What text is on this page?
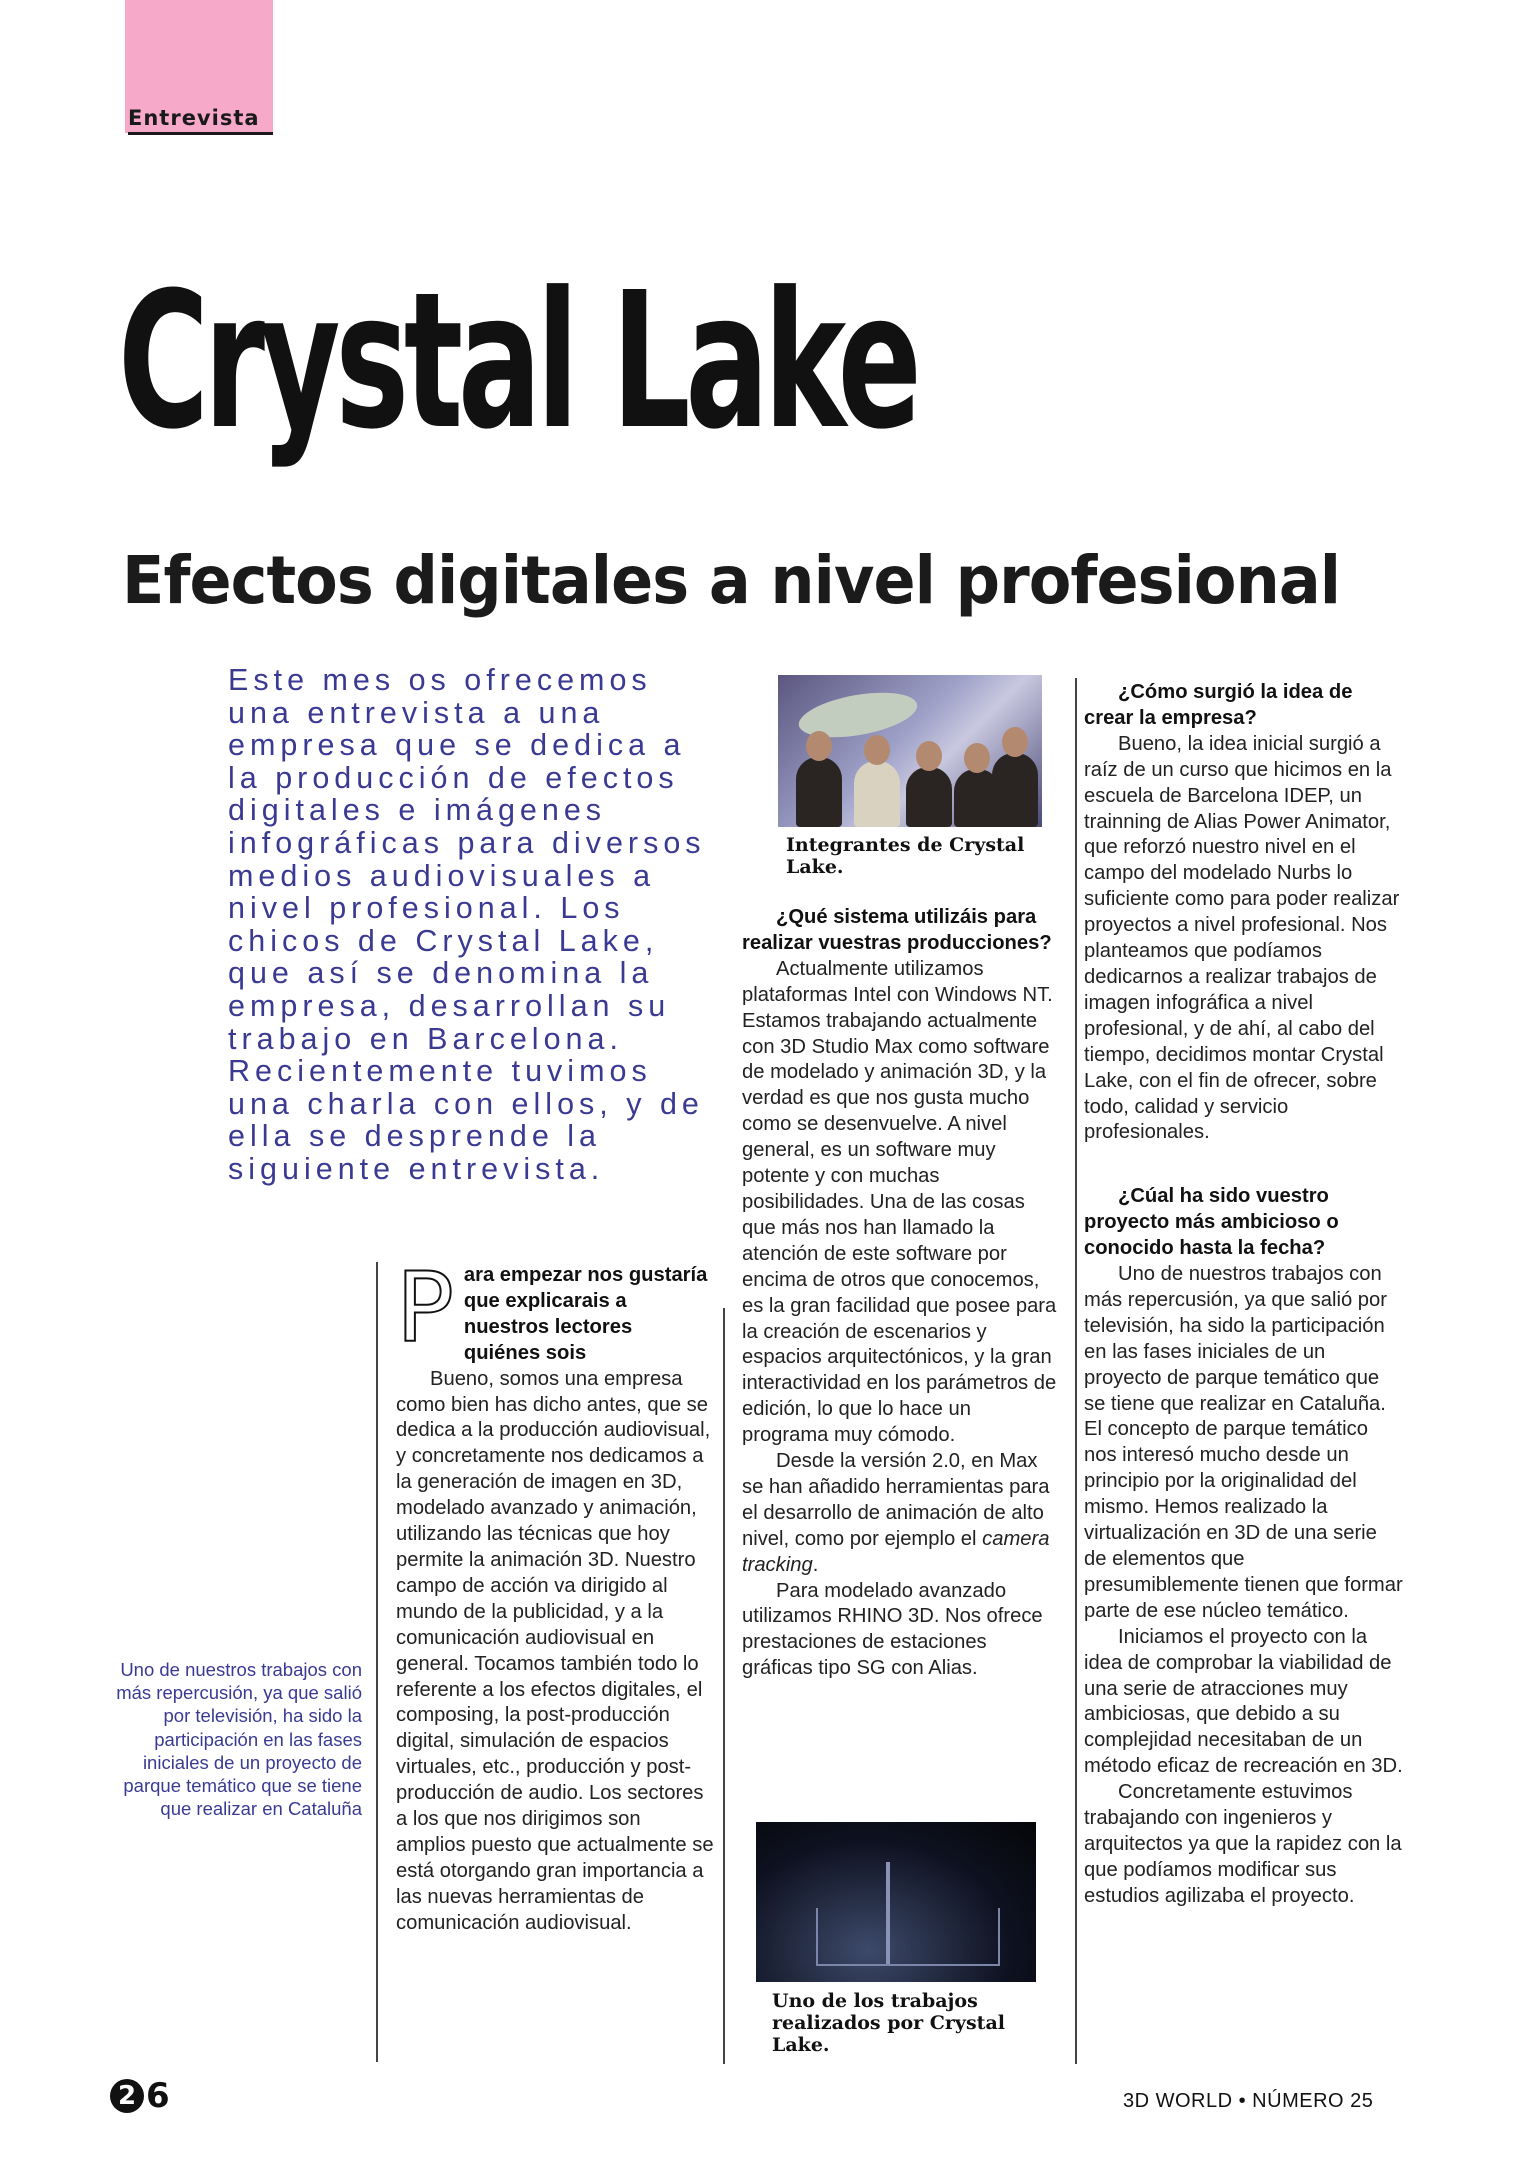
Entrevista
Crystal Lake
Efectos digitales a nivel profesional

Este mes os ofrecemos una entrevista a una empresa que se dedica a la producción de efectos digitales e imágenes infográficas para diversos medios audiovisuales a nivel profesional. Los chicos de Crystal Lake, que así se denomina la empresa, desarrollan su trabajo en Barcelona. Recientemente tuvimos una charla con ellos, y de ella se desprende la siguiente entrevista.

P ara empezar nos gustaría que explicarais a nuestros lectores quiénes sois

Bueno, somos una empresa como bien has dicho antes, que se dedica a la producción audiovisual, y concretamente nos dedicamos a la generación de imagen en 3D, modelado avanzado y animación, utilizando las técnicas que hoy permite la animación 3D. Nuestro campo de acción va dirigido al mundo de la publicidad, y a la comunicación audiovisual en general. Tocamos también todo lo referente a los efectos digitales, el composing, la post-producción digital, simulación de espacios virtuales, etc., producción y post-producción de audio. Los sectores a los que nos dirigimos son amplios puesto que actualmente se está otorgando gran importancia a las nuevas herramientas de comunicación audiovisual.

Integrantes de Crystal Lake.
¿Qué sistema utilizáis para realizar vuestras producciones?

Actualmente utilizamos plataformas Intel con Windows NT. Estamos trabajando actualmente con 3D Studio Max como software de modelado y animación 3D, y la verdad es que nos gusta mucho como se desenvuelve. A nivel general, es un software muy potente y con muchas posibilidades. Una de las cosas que más nos han llamado la atención de este software por encima de otros que conocemos, es la gran facilidad que posee para la creación de escenarios y espacios arquitectónicos, y la gran interactividad en los parámetros de edición, lo que lo hace un programa muy cómodo.

Desde la versión 2.0, en Max se han añadido herramientas para el desarrollo de animación de alto nivel, como por ejemplo el camera tracking.

Para modelado avanzado utilizamos RHINO 3D. Nos ofrece prestaciones de estaciones gráficas tipo SG con Alias.

Uno de los trabajos realizados por Crystal Lake.
¿Cómo surgió la idea de crear la empresa?

Bueno, la idea inicial surgió a raíz de un curso que hicimos en la escuela de Barcelona IDEP, un trainning de Alias Power Animator, que reforzó nuestro nivel en el campo del modelado Nurbs lo suficiente como para poder realizar proyectos a nivel profesional. Nos planteamos que podíamos dedicarnos a realizar trabajos de imagen infográfica a nivel profesional, y de ahí, al cabo del tiempo, decidimos montar Crystal Lake, con el fin de ofrecer, sobre todo, calidad y servicio profesionales.

¿Cúal ha sido vuestro proyecto más ambicioso o conocido hasta la fecha?

Uno de nuestros trabajos con más repercusión, ya que salió por televisión, ha sido la participación en las fases iniciales de un proyecto de parque temático que se tiene que realizar en Cataluña. El concepto de parque temático nos interesó mucho desde un principio por la originalidad del mismo. Hemos realizado la virtualización en 3D de una serie de elementos que presumiblemente tienen que formar parte de ese núcleo temático.

Iniciamos el proyecto con la idea de comprobar la viabilidad de una serie de atracciones muy ambiciosas, que debido a su complejidad necesitaban de un método eficaz de recreación en 3D.

Concretamente estuvimos trabajando con ingenieros y arquitectos ya que la rapidez con la que podíamos modificar sus estudios agilizaba el proyecto.

Uno de nuestros trabajos con más repercusión, ya que salió por televisión, ha sido la participación en las fases iniciales de un proyecto de parque temático que se tiene que realizar en Cataluña
2 6	3D WORLD • NÚMERO 25
